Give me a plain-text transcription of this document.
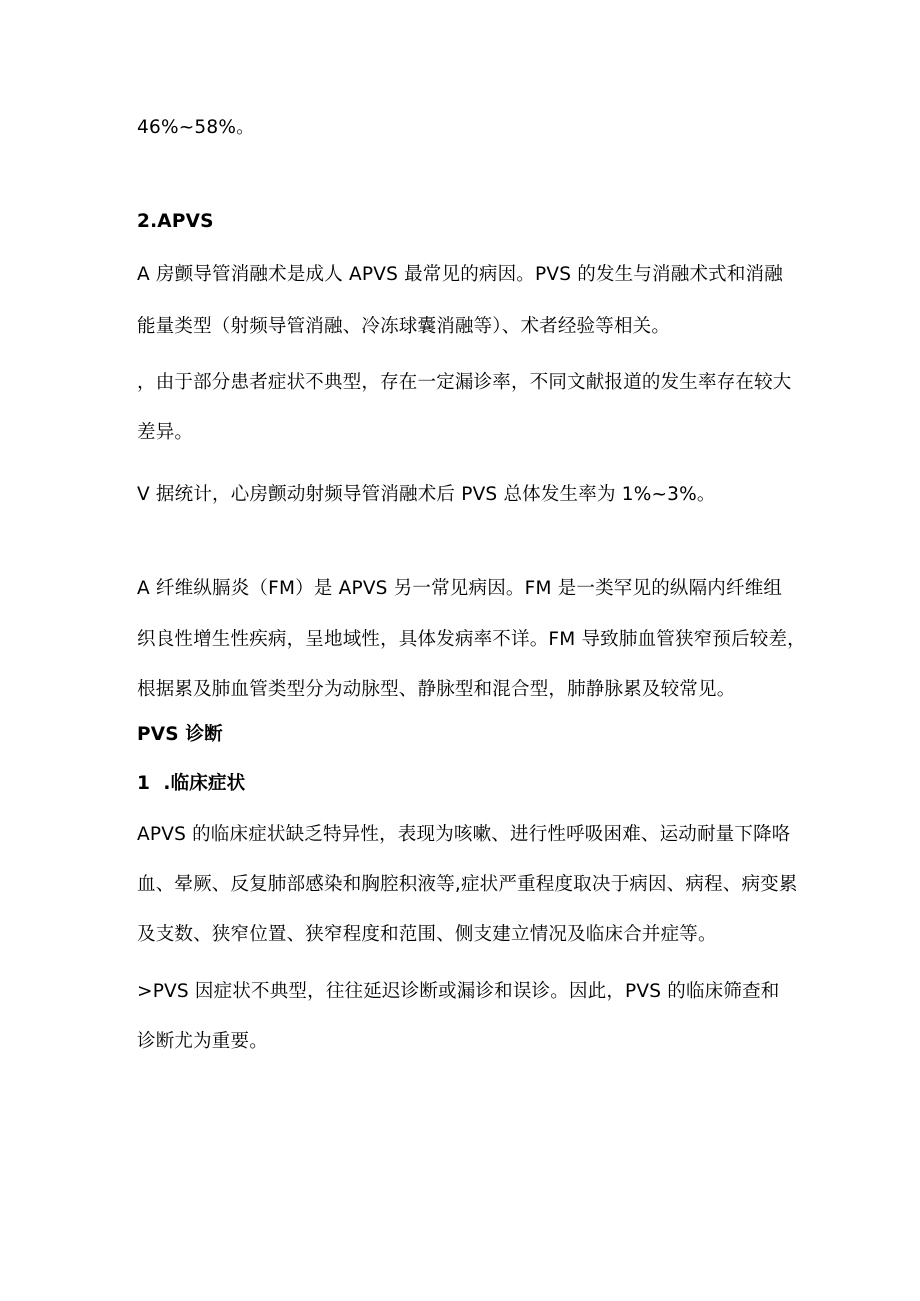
46%~58%。
2.APVS
A 房颤导管消融术是成人 APVS 最常见的病因。PVS 的发生与消融术式和消融
能量类型（射频导管消融、冷冻球囊消融等）、术者经验等相关。
，由于部分患者症状不典型，存在一定漏诊率，不同文献报道的发生率存在较大
差异。
V 据统计，心房颤动射频导管消融术后 PVS 总体发生率为 1%~3%。
A 纤维纵膈炎（FM）是 APVS 另一常见病因。FM 是一类罕见的纵隔内纤维组
织良性增生性疾病，呈地域性，具体发病率不详。FM 导致肺血管狭窄预后较差，
根据累及肺血管类型分为动脉型、静脉型和混合型，肺静脉累及较常见。
PVS 诊断
1  .临床症状
APVS 的临床症状缺乏特异性，表现为咳嗽、进行性呼吸困难、运动耐量下降咯
血、晕厥、反复肺部感染和胸腔积液等,症状严重程度取决于病因、病程、病变累
及支数、狭窄位置、狭窄程度和范围、侧支建立情况及临床合并症等。
>PVS 因症状不典型，往往延迟诊断或漏诊和误诊。因此，PVS 的临床筛查和
诊断尤为重要。
